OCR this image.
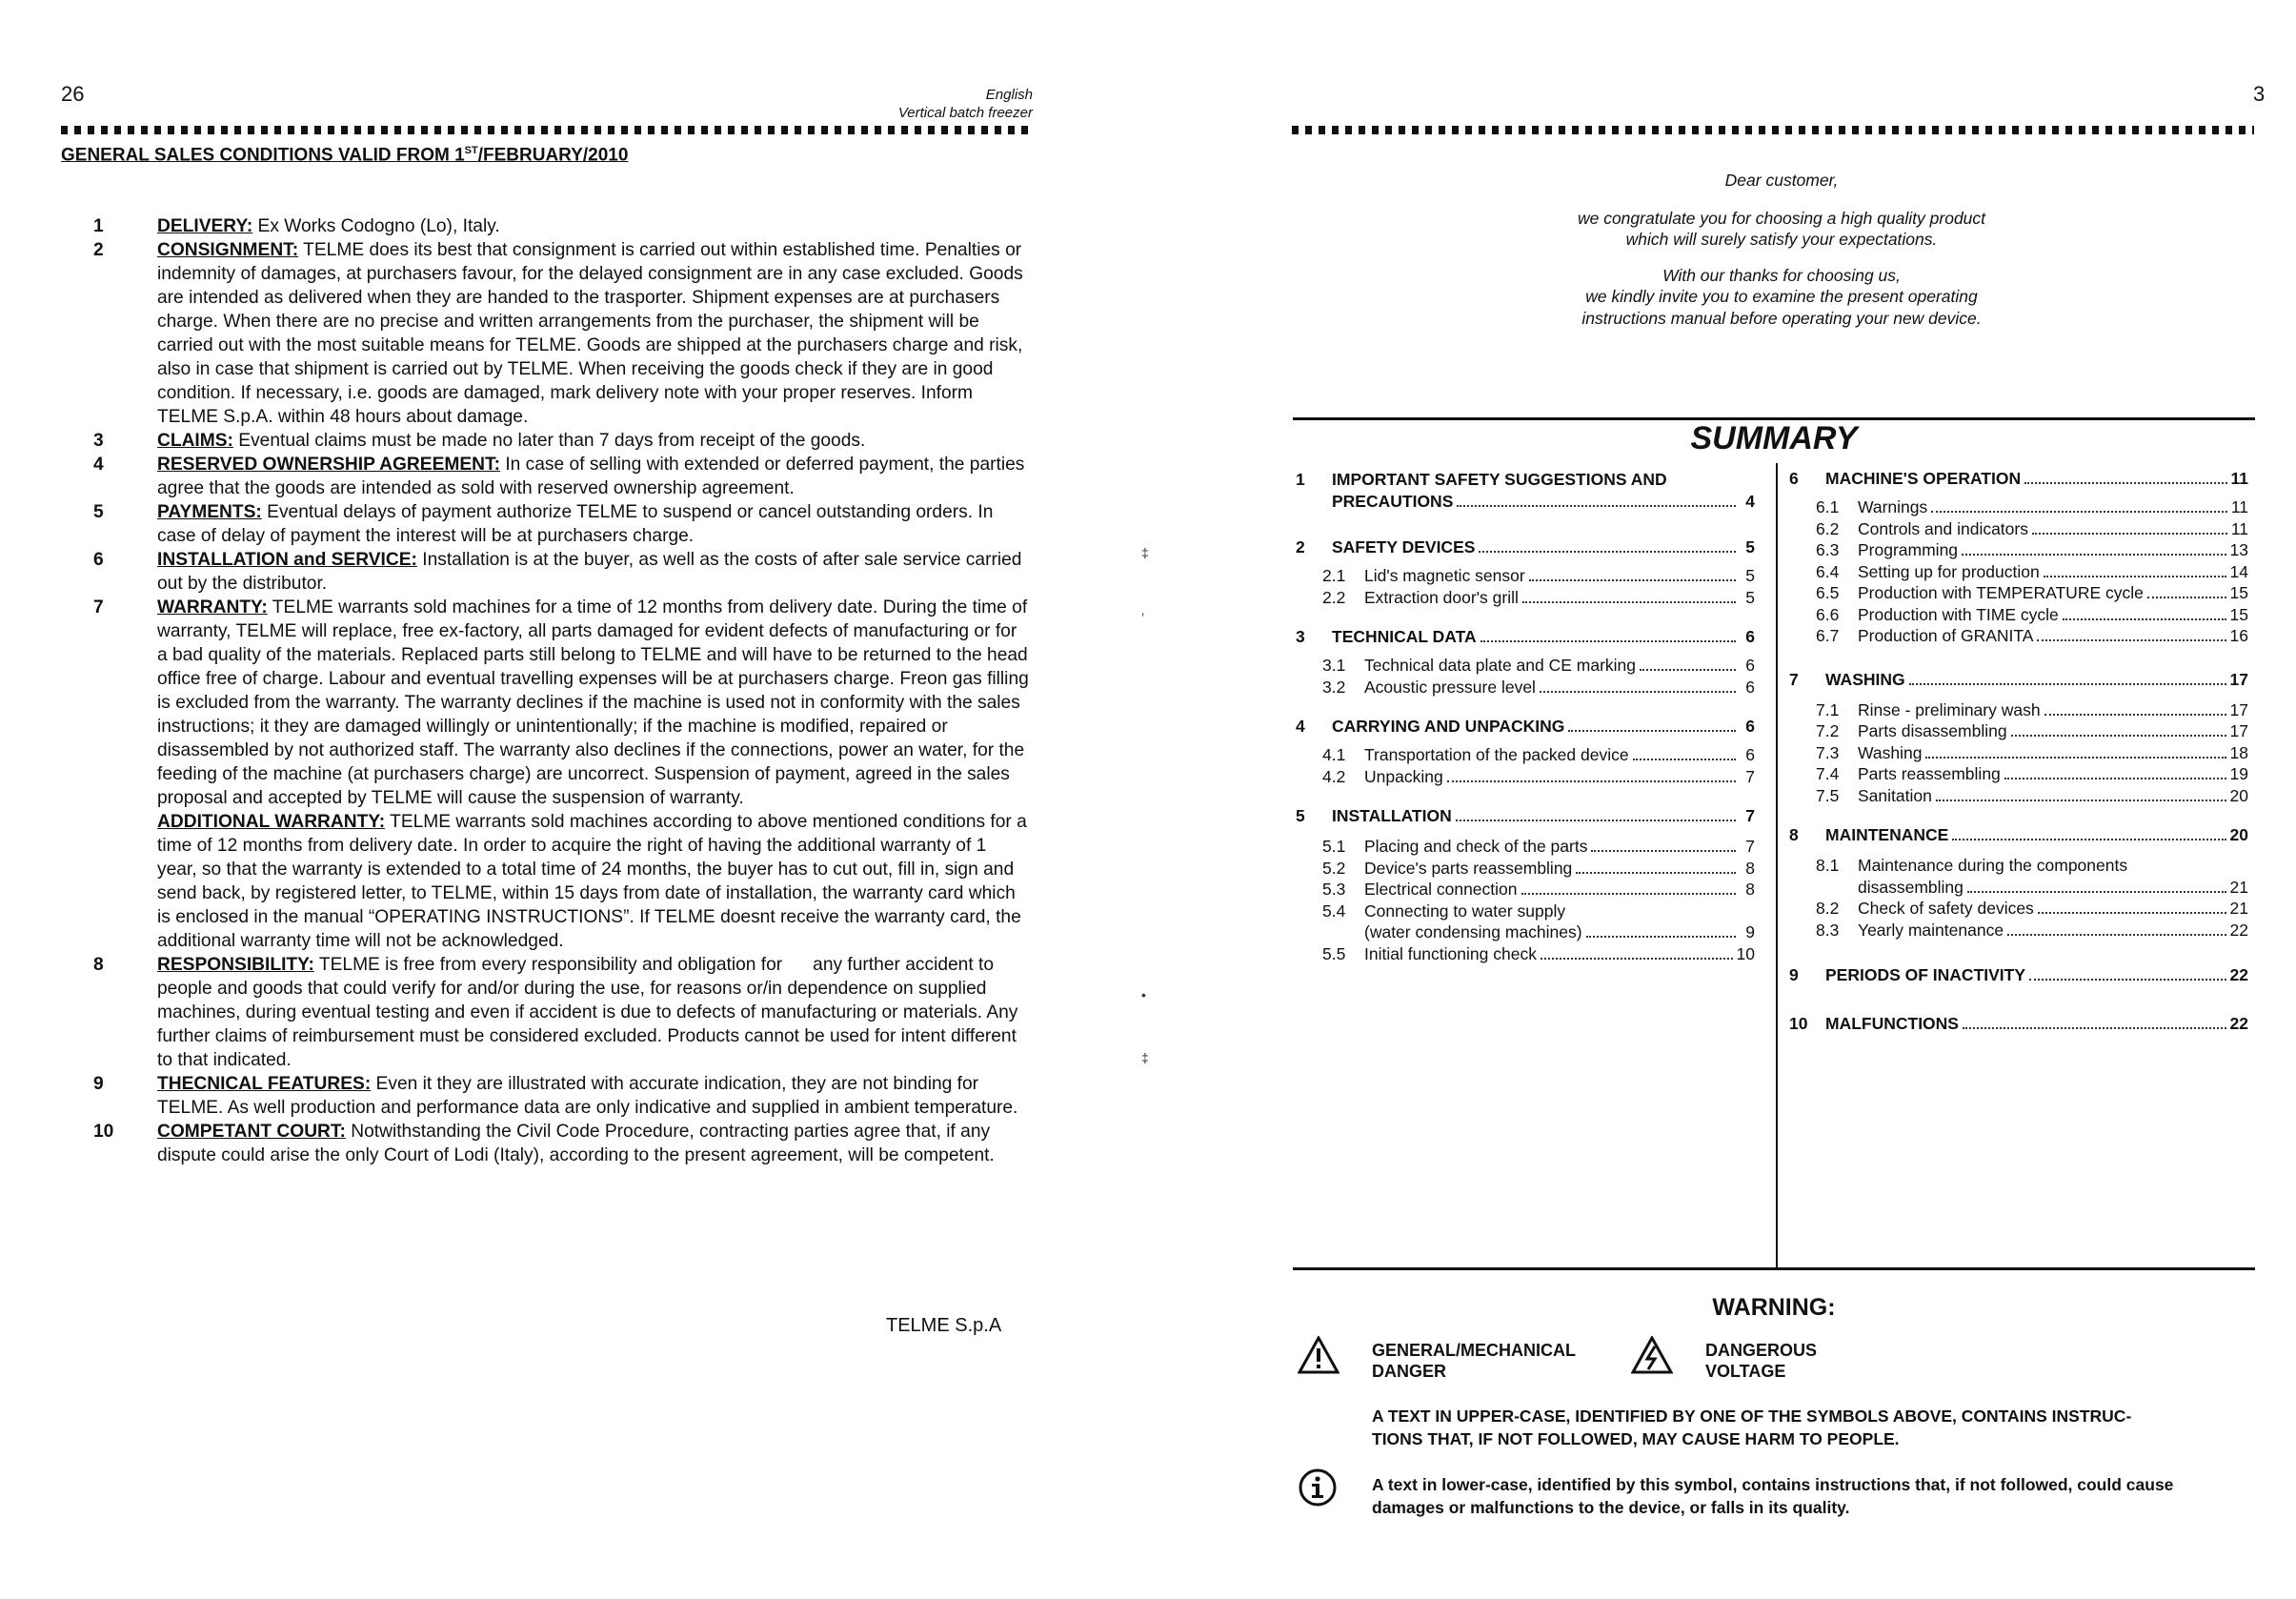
26	English
Vertical batch freezer
GENERAL SALES CONDITIONS VALID FROM 1ST/FEBRUARY/2010
1	DELIVERY: Ex Works Codogno (Lo), Italy.
2	CONSIGNMENT: TELME does its best that consignment is carried out within established time. Penalties or indemnity of damages, at purchasers favour, for the delayed consignment are in any case excluded. Goods are intended as delivered when they are handed to the trasporter. Shipment expenses are at purchasers charge. When there are no precise and written arrangements from the purchaser, the shipment will be carried out with the most suitable means for TELME. Goods are shipped at the purchasers charge and risk, also in case that shipment is carried out by TELME. When receiving the goods check if they are in good condition. If necessary, i.e. goods are damaged, mark delivery note with your proper reserves. Inform TELME S.p.A. within 48 hours about damage.
3	CLAIMS: Eventual claims must be made no later than 7 days from receipt of the goods.
4	RESERVED OWNERSHIP AGREEMENT: In case of selling with extended or deferred payment, the parties agree that the goods are intended as sold with reserved ownership agreement.
5	PAYMENTS: Eventual delays of payment authorize TELME to suspend or cancel outstanding orders. In case of delay of payment the interest will be at purchasers charge.
6	INSTALLATION and SERVICE: Installation is at the buyer, as well as the costs of after sale service carried out by the distributor.
7	WARRANTY: TELME warrants sold machines for a time of 12 months from delivery date. During the time of warranty, TELME will replace, free ex-factory, all parts damaged for evident defects of manufacturing or for a bad quality of the materials. Replaced parts still belong to TELME and will have to be returned to the head office free of charge. Labour and eventual travelling expenses will be at purchasers charge. Freon gas filling is excluded from the warranty. The warranty declines if the machine is used not in conformity with the sales instructions; it they are damaged willingly or unintentionally; if the machine is modified, repaired or disassembled by not authorized staff. The warranty also declines if the connections, power an water, for the feeding of the machine (at purchasers charge) are uncorrect. Suspension of payment, agreed in the sales proposal and accepted by TELME will cause the suspension of warranty.
ADDITIONAL WARRANTY: TELME warrants sold machines according to above mentioned conditions for a time of 12 months from delivery date. In order to acquire the right of having the additional warranty of 1 year, so that the warranty is extended to a total time of 24 months, the buyer has to cut out, fill in, sign and send back, by registered letter, to TELME, within 15 days from date of installation, the warranty card which is enclosed in the manual “OPERATING INSTRUCTIONS”. If TELME doesnt receive the warranty card, the additional warranty time will not be acknowledged.
8	RESPONSIBILITY: TELME is free from every responsibility and obligation for      any further accident to people and goods that could verify for and/or during the use, for reasons or/in dependence on supplied machines, during eventual testing and even if accident is due to defects of manufacturing or materials. Any further claims of reimbursement must be considered excluded. Products cannot be used for intent different to that indicated.
9	THECNICAL FEATURES: Even it they are illustrated with accurate indication, they are not binding for TELME. As well production and performance data are only indicative and supplied in ambient temperature.
10	COMPETANT COURT: Notwithstanding the Civil Code Procedure, contracting parties agree that, if any dispute could arise the only Court of Lodi (Italy), according to the present agreement, will be competent.
TELME S.p.A
‡
’
•
‡
3

Dear customer,

we congratulate you for choosing a high quality product
which will surely satisfy your expectations.

With our thanks for choosing us,
we kindly invite you to examine the present operating
instructions manual before operating your new device.

SUMMARY
1	IMPORTANT SAFETY SUGGESTIONS AND
PRECAUTIONS	4
2	SAFETY DEVICES	5
2.1	Lid's magnetic sensor	5
2.2	Extraction door's grill	5
3	TECHNICAL DATA	6
3.1	Technical data plate and CE marking	6
3.2	Acoustic pressure level	6
4	CARRYING AND UNPACKING	6
4.1	Transportation of the packed device	6
4.2	Unpacking	7
5	INSTALLATION	7
5.1	Placing and check of the parts	7
5.2	Device's parts reassembling	8
5.3	Electrical connection	8
5.4	Connecting to water supply
(water condensing machines)	9
5.5	Initial functioning check	10
6	MACHINE'S OPERATION	11
6.1	Warnings	11
6.2	Controls and indicators	11
6.3	Programming	13
6.4	Setting up for production	14
6.5	Production with TEMPERATURE cycle	15
6.6	Production with TIME cycle	15
6.7	Production of GRANITA	16
7	WASHING	17
7.1	Rinse - preliminary wash	17
7.2	Parts disassembling	17
7.3	Washing	18
7.4	Parts reassembling	19
7.5	Sanitation	20
8	MAINTENANCE	20
8.1	Maintenance during the components
disassembling	21
8.2	Check of safety devices	21
8.3	Yearly maintenance	22
9	PERIODS OF INACTIVITY	22
10	MALFUNCTIONS	22
WARNING:
GENERAL/MECHANICAL
DANGER
DANGEROUS
VOLTAGE
A TEXT IN UPPER-CASE, IDENTIFIED BY ONE OF THE SYMBOLS ABOVE, CONTAINS INSTRUC-
TIONS THAT, IF NOT FOLLOWED, MAY CAUSE HARM TO PEOPLE.
A text in lower-case, identified by this symbol, contains instructions that, if not followed, could cause
damages or malfunctions to the device, or falls in its quality.
